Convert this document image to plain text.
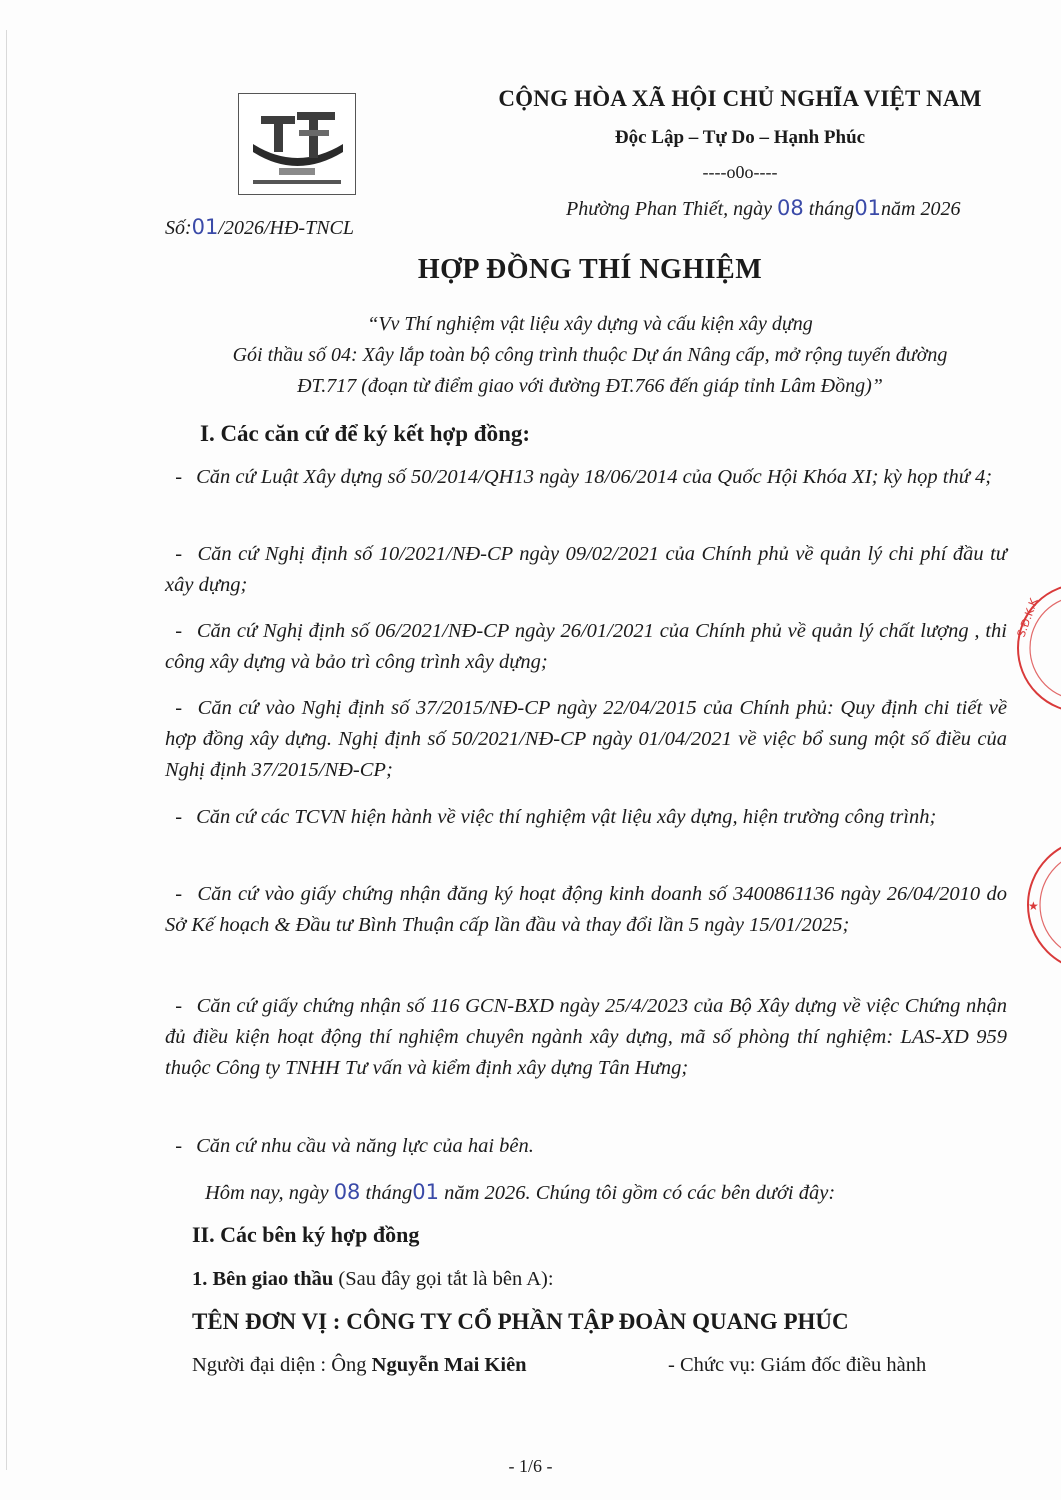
CỘNG HÒA XÃ HỘI CHỦ NGHĨA VIỆT NAM
Độc Lập – Tự Do – Hạnh Phúc
----o0o----
Phường Phan Thiết, ngày 08 tháng01năm 2026
Số:01/2026/HĐ-TNCL
HỢP ĐỒNG THÍ NGHIỆM
“Vv Thí nghiệm vật liệu xây dựng và cấu kiện xây dựng
Gói thầu số 04: Xây lắp toàn bộ công trình thuộc Dự án Nâng cấp, mở rộng tuyến đường
ĐT.717 (đoạn từ điểm giao với đường ĐT.766 đến giáp tỉnh Lâm Đồng)”
I. Các căn cứ để ký kết hợp đồng:
- Căn cứ Luật Xây dựng số 50/2014/QH13 ngày 18/06/2014 của Quốc Hội Khóa XI; kỳ họp thứ 4;
- Căn cứ Nghị định số 10/2021/NĐ-CP ngày 09/02/2021 của Chính phủ về quản lý chi phí đầu tư xây dựng;
- Căn cứ Nghị định số 06/2021/NĐ-CP ngày 26/01/2021 của Chính phủ về quản lý chất lượng , thi công xây dựng và bảo trì công trình xây dựng;
- Căn cứ vào Nghị định số 37/2015/NĐ-CP ngày 22/04/2015 của Chính phủ: Quy định chi tiết về hợp đồng xây dựng. Nghị định số 50/2021/NĐ-CP ngày 01/04/2021 về việc bổ sung một số điều của Nghị định 37/2015/NĐ-CP;
- Căn cứ các TCVN hiện hành về việc thí nghiệm vật liệu xây dựng, hiện trường công trình;
- Căn cứ vào giấy chứng nhận đăng ký hoạt động kinh doanh số 3400861136 ngày 26/04/2010 do Sở Kế hoạch & Đầu tư Bình Thuận cấp lần đầu và thay đổi lần 5 ngày 15/01/2025;
- Căn cứ giấy chứng nhận số 116 GCN-BXD ngày 25/4/2023 của Bộ Xây dựng về việc Chứng nhận đủ điều kiện hoạt động thí nghiệm chuyên ngành xây dựng, mã số phòng thí nghiệm: LAS-XD 959 thuộc Công ty TNHH Tư vấn và kiểm định xây dựng Tân Hưng;
- Căn cứ nhu cầu và năng lực của hai bên.
Hôm nay, ngày 08 tháng01 năm 2026. Chúng tôi gồm có các bên dưới đây:
II. Các bên ký hợp đồng
1. Bên giao thầu (Sau đây gọi tắt là bên A):
TÊN ĐƠN VỊ : CÔNG TY CỔ PHẦN TẬP ĐOÀN QUANG PHÚC
Người đại diện : Ông Nguyễn Mai Kiên	- Chức vụ: Giám đốc điều hành
- 1/6 -
S.Đ.K.K
★
